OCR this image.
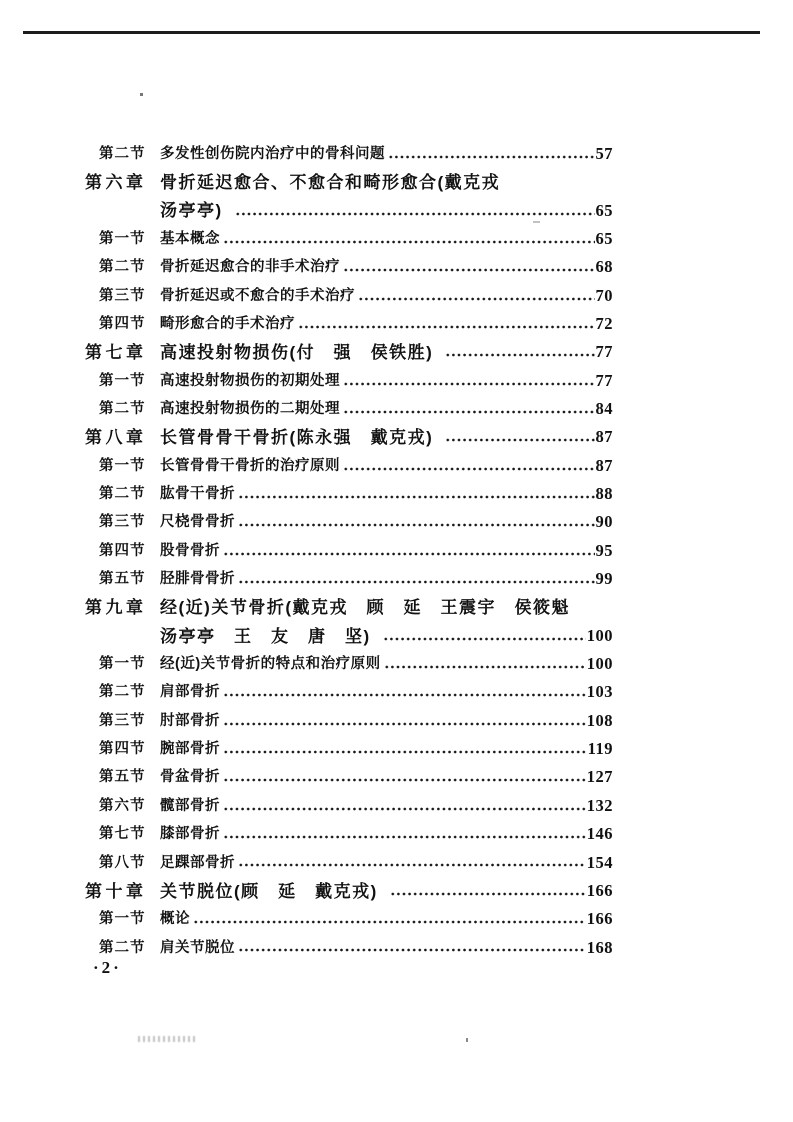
第二节	多发性创伤院内治疗中的骨科问题	57
第六章 骨折延迟愈合、不愈合和畸形愈合(戴克戎
汤亭亭)	65
第一节	基本概念	65
第二节	骨折延迟愈合的非手术治疗	68
第三节	骨折延迟或不愈合的手术治疗	70
第四节	畸形愈合的手术治疗	72
第七章 高速投射物损伤(付　强　侯铁胜)	77
第一节	高速投射物损伤的初期处理	77
第二节	高速投射物损伤的二期处理	84
第八章 长管骨骨干骨折(陈永强　戴克戎)	87
第一节	长管骨骨干骨折的治疗原则	87
第二节	肱骨干骨折	88
第三节	尺桡骨骨折	90
第四节	股骨骨折	95
第五节	胫腓骨骨折	99
第九章 经(近)关节骨折(戴克戎　顾　延　王震宇　侯筱魁
汤亭亭　王　友　唐　坚)	100
第一节	经(近)关节骨折的特点和治疗原则	100
第二节	肩部骨折	103
第三节	肘部骨折	108
第四节	腕部骨折	119
第五节	骨盆骨折	127
第六节	髋部骨折	132
第七节	膝部骨折	146
第八节	足踝部骨折	154
第十章 关节脱位(顾　延　戴克戎)	166
第一节	概论	166
第二节	肩关节脱位	168
·2·
